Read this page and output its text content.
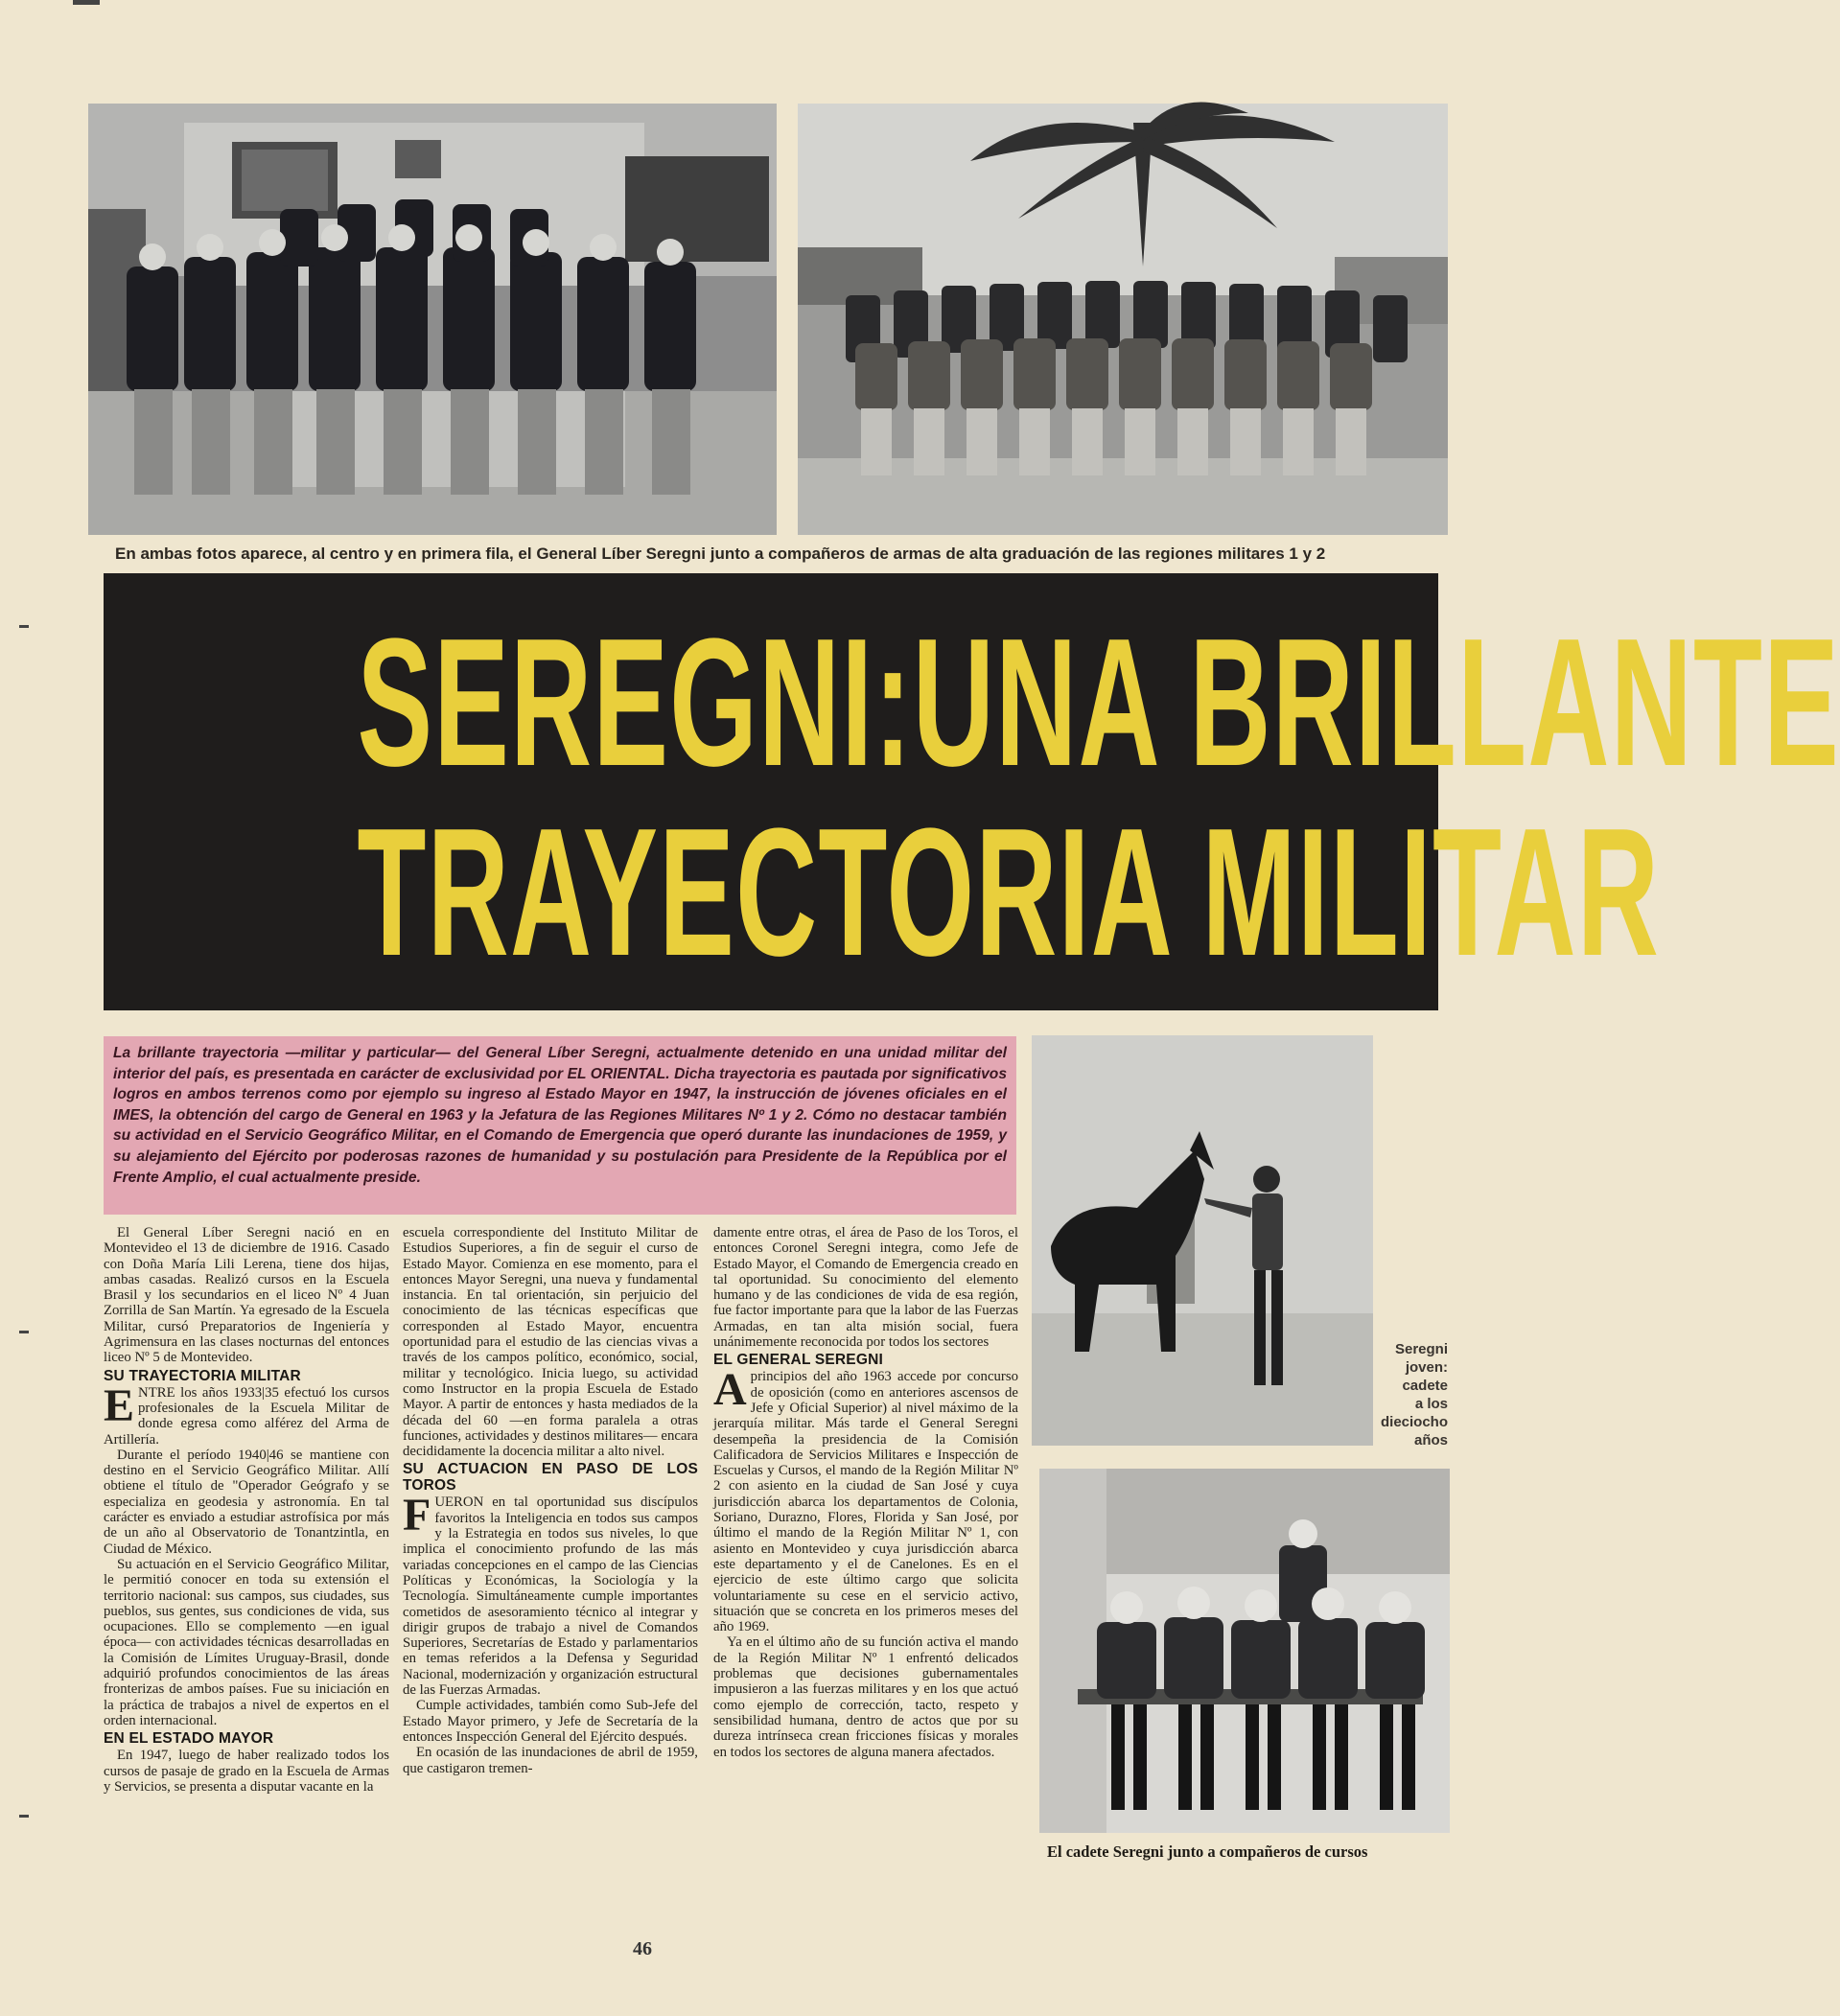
En ambas fotos aparece, al centro y en primera fila, el General Líber Seregni junto a compañeros de armas de alta graduación de las regiones militares 1 y 2
SEREGNI:UNA BRILLANTE
TRAYECTORIA MILITAR
La brillante trayectoria —militar y particular— del General Líber Seregni, actualmente detenido en una unidad militar del interior del país, es presentada en carácter de exclusividad por EL ORIENTAL. Dicha trayectoria es pautada por significativos logros en ambos terrenos como por ejemplo su ingreso al Estado Mayor en 1947, la instrucción de jóvenes oficiales en el IMES, la obtención del cargo de General en 1963 y la Jefatura de las Regiones Militares Nº 1 y 2. Cómo no destacar también su actividad en el Servicio Geográfico Militar, en el Comando de Emergencia que operó durante las inundaciones de 1959, y su alejamiento del Ejército por poderosas razones de humanidad y su postulación para Presidente de la República por el Frente Amplio, el cual actualmente preside.

El General Líber Seregni nació en en Montevideo el 13 de diciembre de 1916. Casado con Doña María Lili Lerena, tiene dos hijas, ambas casadas. Realizó cursos en la Escuela Brasil y los secundarios en el liceo Nº 4 Juan Zorrilla de San Martín. Ya egresado de la Escuela Militar, cursó Preparatorios de Ingeniería y Agrimensura en las clases nocturnas del entonces liceo Nº 5 de Montevideo.

SU TRAYECTORIA MILITAR

ENTRE los años 1933|35 efectuó los cursos profesionales de la Escuela Militar de donde egresa como alférez del Arma de Artillería.

Durante el período 1940|46 se mantiene con destino en el Servicio Geográfico Militar. Allí obtiene el título de "Operador Geógrafo y se especializa en geodesia y astronomía. En tal carácter es enviado a estudiar astrofísica por más de un año al Observatorio de Tonantzintla, en Ciudad de México.

Su actuación en el Servicio Geográfico Militar, le permitió conocer en toda su extensión el territorio nacional: sus campos, sus ciudades, sus pueblos, sus gentes, sus condiciones de vida, sus ocupaciones. Ello se complemento —en igual época— con actividades técnicas desarrolladas en la Comisión de Límites Uruguay-Brasil, donde adquirió profundos conocimientos de las áreas fronterizas de ambos países. Fue su iniciación en la práctica de trabajos a nivel de expertos en el orden internacional.

EN EL ESTADO MAYOR

En 1947, luego de haber realizado todos los cursos de pasaje de grado en la Escuela de Armas y Servicios, se presenta a disputar vacante en la

escuela correspondiente del Instituto Militar de Estudios Superiores, a fin de seguir el curso de Estado Mayor. Comienza en ese momento, para el entonces Mayor Seregni, una nueva y fundamental instancia. En tal orientación, sin perjuicio del conocimiento de las técnicas específicas que corresponden al Estado Mayor, encuentra oportunidad para el estudio de las ciencias vivas a través de los campos político, económico, social, militar y tecnológico. Inicia luego, su actividad como Instructor en la propia Escuela de Estado Mayor. A partir de entonces y hasta mediados de la década del 60 —en forma paralela a otras funciones, actividades y destinos militares— encara decididamente la docencia militar a alto nivel.

SU ACTUACION EN PASO DE LOS TOROS

FUERON en tal oportunidad sus discípulos favoritos la Inteligencia en todos sus campos y la Estrategia en todos sus niveles, lo que implica el conocimiento profundo de las más variadas concepciones en el campo de las Ciencias Políticas y Económicas, la Sociología y la Tecnología. Simultáneamente cumple importantes cometidos de asesoramiento técnico al integrar y dirigir grupos de trabajo a nivel de Comandos Superiores, Secretarías de Estado y parlamentarios en temas referidos a la Defensa y Seguridad Nacional, modernización y organización estructural de las Fuerzas Armadas.

Cumple actividades, también como Sub-Jefe del Estado Mayor primero, y Jefe de Secretaría de la entonces Inspección General del Ejército después.

En ocasión de las inundaciones de abril de 1959, que castigaron tremen-

damente entre otras, el área de Paso de los Toros, el entonces Coronel Seregni integra, como Jefe de Estado Mayor, el Comando de Emergencia creado en tal oportunidad. Su conocimiento del elemento humano y de las condiciones de vida de esa región, fue factor importante para que la labor de las Fuerzas Armadas, en tan alta misión social, fuera unánimemente reconocida por todos los sectores

EL GENERAL SEREGNI

Aprincipios del año 1963 accede por concurso de oposición (como en anteriores ascensos de Jefe y Oficial Superior) al nivel máximo de la jerarquía militar. Más tarde el General Seregni desempeña la presidencia de la Comisión Calificadora de Servicios Militares e Inspección de Escuelas y Cursos, el mando de la Región Militar Nº 2 con asiento en la ciudad de San José y cuya jurisdicción abarca los departamentos de Colonia, Soriano, Durazno, Flores, Florida y San José, por último el mando de la Región Militar Nº 1, con asiento en Montevideo y cuya jurisdicción abarca este departamento y el de Canelones. Es en el ejercicio de este último cargo que solicita voluntariamente su cese en el servicio activo, situación que se concreta en los primeros meses del año 1969.

Ya en el último año de su función activa el mando de la Región Militar Nº 1 enfrentó delicados problemas que decisiones gubernamentales impusieron a las fuerzas militares y en los que actuó como ejemplo de corrección, tacto, respeto y sensibilidad humana, dentro de actos que por su dureza intrínseca crean fricciones físicas y morales en todos los sectores de alguna manera afectados.

Seregni
joven:
cadete
a los
dieciocho
años
El cadete Seregni junto a compañeros de cursos
46
